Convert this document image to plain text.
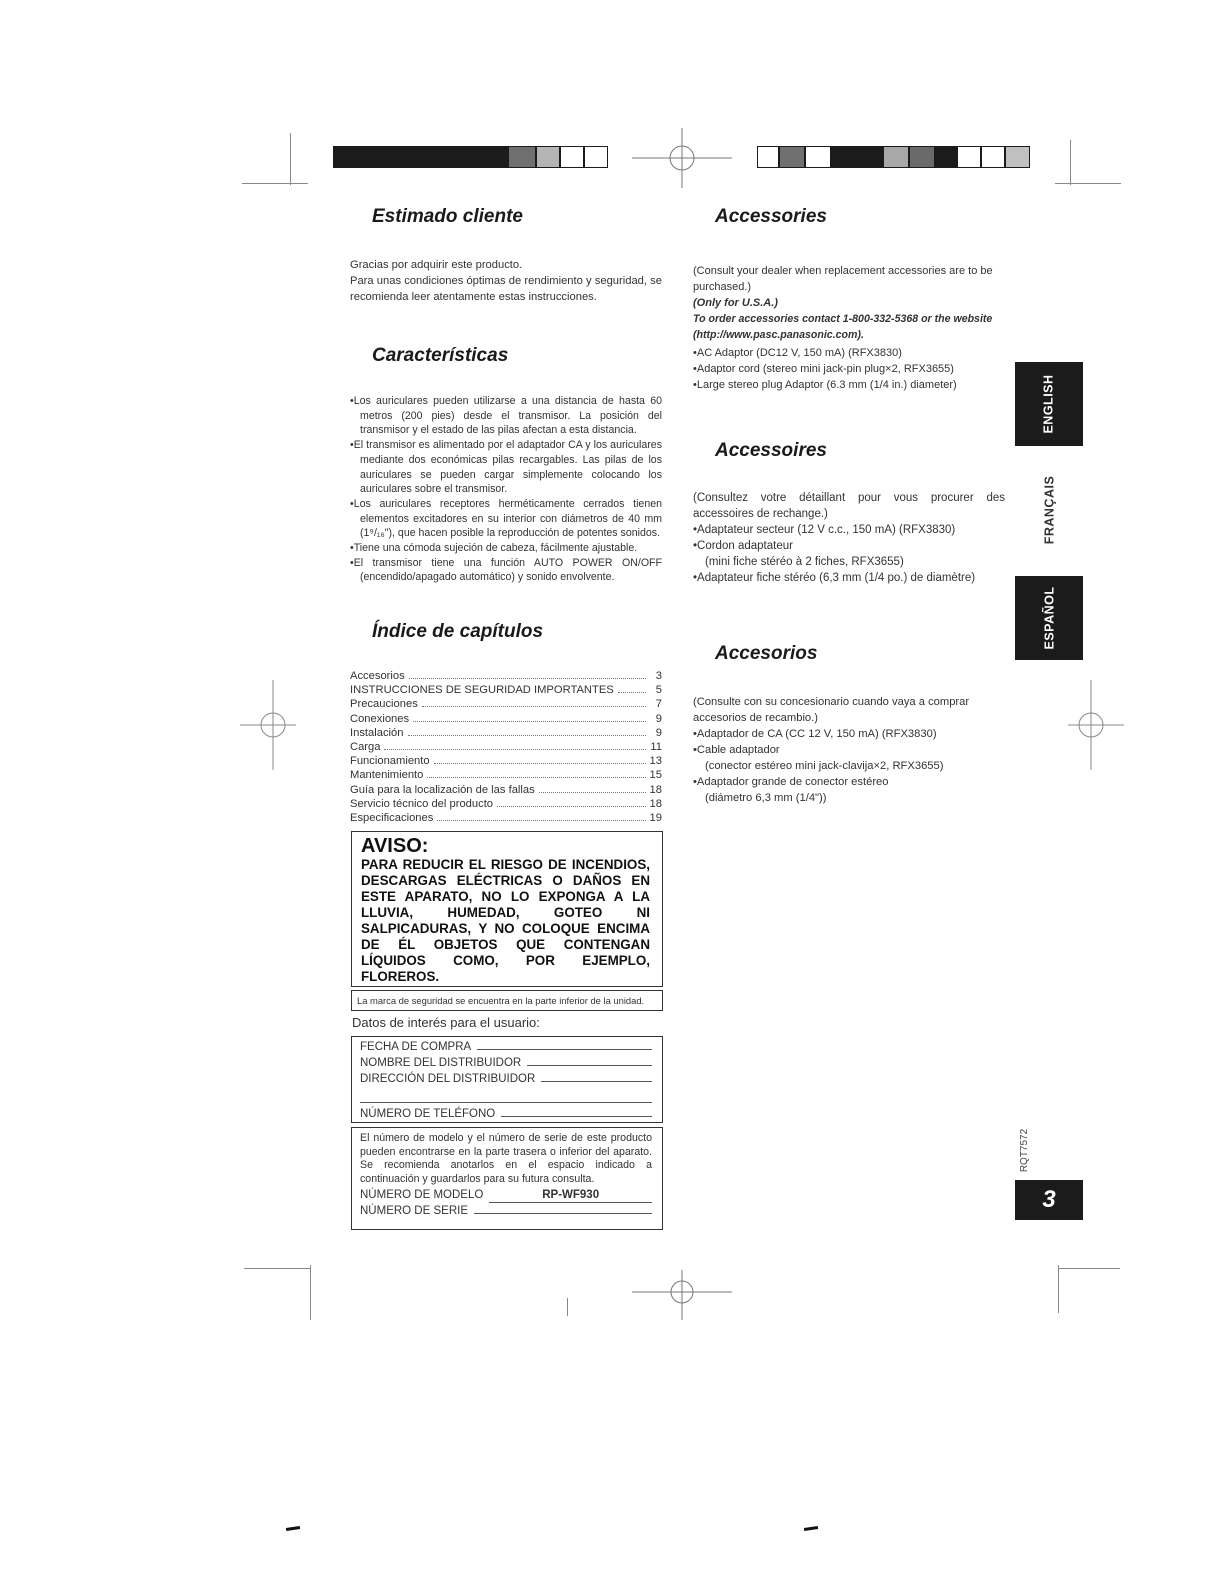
Estimado cliente

Gracias por adquirir este producto.

Para unas condiciones óptimas de rendimiento y seguridad, se recomienda leer atentamente estas instrucciones.

Características

• Los auriculares pueden utilizarse a una distancia de hasta 60 metros (200 pies) desde el transmisor. La posición del transmisor y el estado de las pilas afectan a esta distancia.

• El transmisor es alimentado por el adaptador CA y los auriculares mediante dos económicas pilas recargables. Las pilas de los auriculares se pueden cargar simplemente colocando los auriculares sobre el transmisor.

• Los auriculares receptores herméticamente cerrados tienen elementos excitadores en su interior con diámetros de 40 mm (1⁹/₁₆"), que hacen posible la reproducción de potentes sonidos.

• Tiene una cómoda sujeción de cabeza, fácilmente ajustable.

• El transmisor tiene una función AUTO POWER ON/OFF (encendido/apagado automático) y sonido envolvente.

Índice de capítulos
Accesorios	3
INSTRUCCIONES DE SEGURIDAD IMPORTANTES	5
Precauciones	7
Conexiones	9
Instalación	9
Carga	11
Funcionamiento	13
Mantenimiento	15
Guía para la localización de las fallas	18
Servicio técnico del producto	18
Especificaciones	19
AVISO:
PARA REDUCIR EL RIESGO DE INCENDIOS, DESCARGAS ELÉCTRICAS O DAÑOS EN ESTE APARATO, NO LO EXPONGA A LA LLUVIA, HUMEDAD, GOTEO NI SALPICADURAS, Y NO COLOQUE ENCIMA DE ÉL OBJETOS QUE CONTENGAN LÍQUIDOS COMO, POR EJEMPLO, FLOREROS.
La marca de seguridad se encuentra en la parte inferior de la unidad.
Datos de interés para el usuario:
FECHA DE COMPRA
NOMBRE DEL DISTRIBUIDOR
DIRECCIÓN DEL DISTRIBUIDOR
NÚMERO DE TELÉFONO
El número de modelo y el número de serie de este producto pueden encontrarse en la parte trasera o inferior del aparato. Se recomienda anotarlos en el espacio indicado a continuación y guardarlos para su futura consulta.
NÚMERO DE MODELO	RP-WF930
NÚMERO DE SERIE
Accessories

(Consult your dealer when replacement accessories are to be purchased.)

(Only for U.S.A.)

To order accessories contact 1-800-332-5368 or the website (http://www.pasc.panasonic.com).

• AC Adaptor (DC12 V, 150 mA) (RFX3830)

• Adaptor cord (stereo mini jack-pin plug×2, RFX3655)

• Large stereo plug Adaptor (6.3 mm (1/4 in.) diameter)

Accessoires

(Consultez votre détaillant pour vous procurer des accessoires de rechange.)

• Adaptateur secteur (12 V c.c., 150 mA) (RFX3830)

• Cordon adaptateur

(mini fiche stéréo à 2 fiches, RFX3655)

• Adaptateur fiche stéréo (6,3 mm (1/4 po.) de diamètre)

Accesorios

(Consulte con su concesionario cuando vaya a comprar accesorios de recambio.)

• Adaptador de CA (CC 12 V, 150 mA) (RFX3830)

• Cable adaptador

(conector estéreo mini jack-clavija×2, RFX3655)

• Adaptador grande de conector estéreo

(diámetro 6,3 mm (1/4"))

ENGLISH
FRANÇAIS
ESPAÑOL
RQT7572
3
